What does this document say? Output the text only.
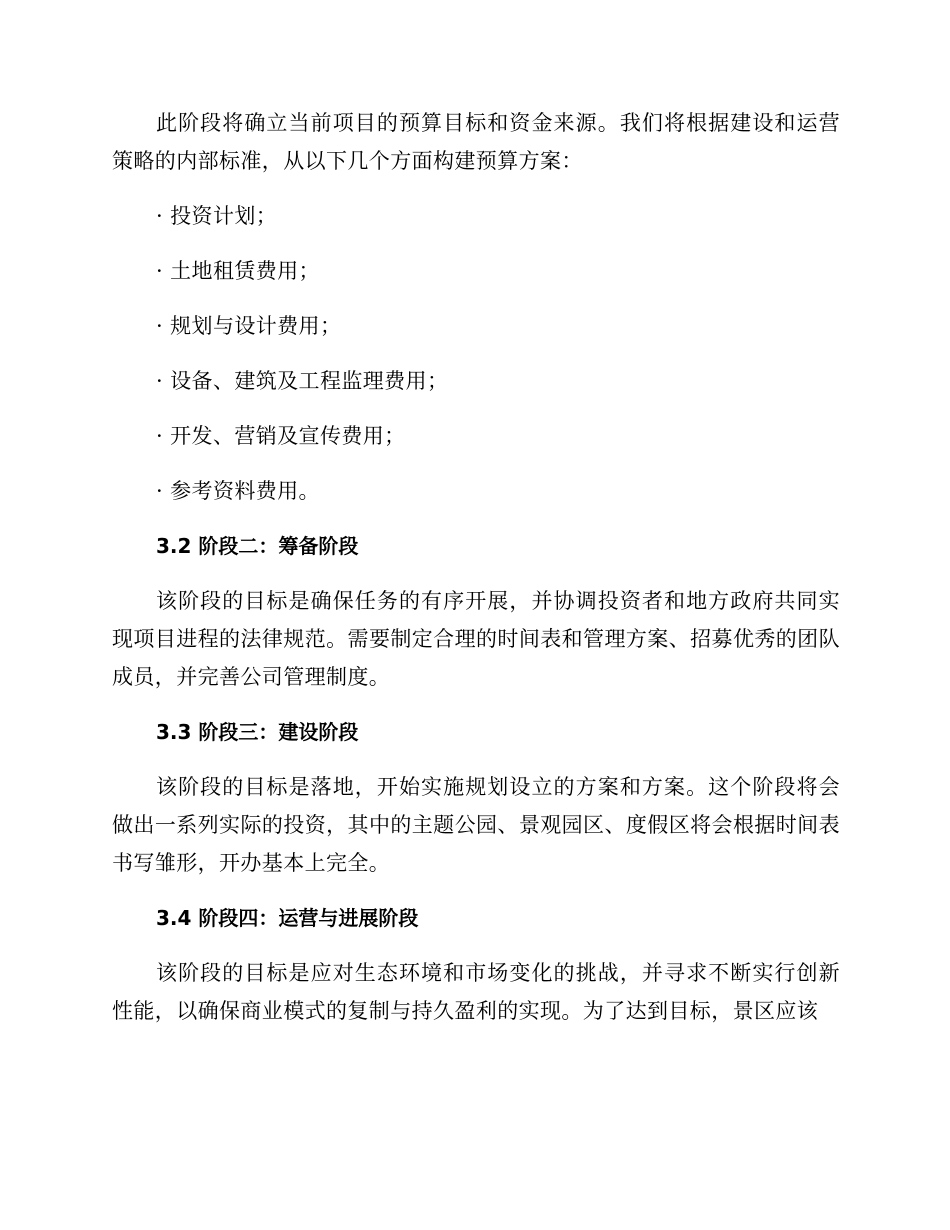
此阶段将确立当前项目的预算目标和资金来源。我们将根据建设和运营策略的内部标准，从以下几个方面构建预算方案：

· 投资计划；

· 土地租赁费用；

· 规划与设计费用；

· 设备、建筑及工程监理费用；

· 开发、营销及宣传费用；

· 参考资料费用。

3.2 阶段二：筹备阶段

该阶段的目标是确保任务的有序开展，并协调投资者和地方政府共同实现项目进程的法律规范。需要制定合理的时间表和管理方案、招募优秀的团队成员，并完善公司管理制度。

3.3 阶段三：建设阶段

该阶段的目标是落地，开始实施规划设立的方案和方案。这个阶段将会做出一系列实际的投资，其中的主题公园、景观园区、度假区将会根据时间表书写雏形，开办基本上完全。

3.4 阶段四：运营与进展阶段

该阶段的目标是应对生态环境和市场变化的挑战，并寻求不断实行创新性能，以确保商业模式的复制与持久盈利的实现。为了达到目标，景区应该
